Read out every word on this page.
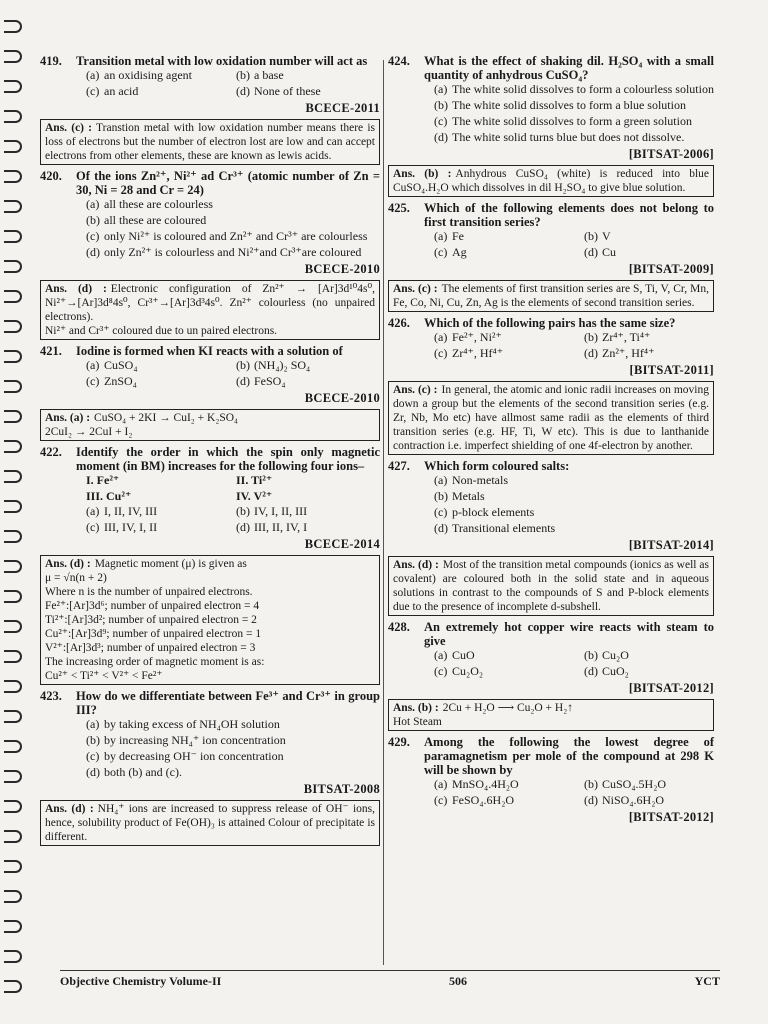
419.	Transition metal with low oxidation number will act as
(a) an oxidising agent	(b) a base
(c) an acid	(d) None of these
BCECE-2011
Ans. (c) : Transtion metal with low oxidation number means there is loss of electrons but the number of electron lost are low and can accept electrons from other elements, these are known as lewis acids.
420.	Of the ions Zn²⁺, Ni²⁺ ad Cr³⁺ (atomic number of Zn = 30, Ni = 28 and Cr = 24)
(a) all these are colourless
(b) all these are coloured
(c) only Ni²⁺ is coloured and Zn²⁺ and Cr³⁺ are colourless
(d) only Zn²⁺ is colourless and Ni²⁺and Cr³⁺are coloured
BCECE-2010
Ans. (d) : Electronic configuration of Zn²⁺ → [Ar]3d¹⁰4s⁰, Ni²⁺→[Ar]3d⁸4s⁰, Cr³⁺→[Ar]3d³4s⁰. Zn²⁺ colourless (no unpaired electrons).
Ni²⁺ and Cr³⁺ coloured due to un paired electrons.
421.	Iodine is formed when KI reacts with a solution of
(a) CuSO₄	(b) (NH₄)₂ SO₄
(c) ZnSO₄	(d) FeSO₄
BCECE-2010
Ans. (a) : CuSO₄ + 2KI → CuI₂ + K₂SO₄
2CuI₂ → 2CuI + I₂
422.	Identify the order in which the spin only magnetic moment (in BM) increases for the following four ions–
I. Fe²⁺	II. Ti²⁺
III. Cu²⁺	IV. V²⁺
(a) I, II, IV, III	(b) IV, I, II, III
(c) III, IV, I, II	(d) III, II, IV, I
BCECE-2014
Ans. (d) : Magnetic moment (μ) is given as
μ = √n(n + 2)
Where n is the number of unpaired electrons.
Fe²⁺:[Ar]3d⁶; number of unpaired electron = 4
Ti²⁺:[Ar]3d²; number of unpaired electron = 2
Cu²⁺:[Ar]3d⁹; number of unpaired electron = 1
V²⁺:[Ar]3d³; number of unpaired electron = 3
The increasing order of magnetic moment is as:
Cu²⁺ < Ti²⁺ < V²⁺ < Fe²⁺
423.	How do we differentiate between Fe³⁺ and Cr³⁺ in group III?
(a) by taking excess of NH₄OH solution
(b) by increasing NH₄⁺ ion concentration
(c) by decreasing OH⁻ ion concentration
(d) both (b) and (c).
BITSAT-2008
Ans. (d) : NH₄⁺ ions are increased to suppress release of OH⁻ ions, hence, solubility product of Fe(OH)₃ is attained Colour of precipitate is different.
424.	What is the effect of shaking dil. H₂SO₄ with a small quantity of anhydrous CuSO₄?
(a) The white solid dissolves to form a colourless solution
(b) The white solid dissolves to form a blue solution
(c) The white solid dissolves to form a green solution
(d) The white solid turns blue but does not dissolve.
[BITSAT-2006]
Ans. (b) : Anhydrous CuSO₄ (white) is reduced into blue CuSO₄.H₂O which dissolves in dil H₂SO₄ to give blue solution.
425.	Which of the following elements does not belong to first transition series?
(a) Fe	(b) V
(c) Ag	(d) Cu
[BITSAT-2009]
Ans. (c) : The elements of first transition series are S, Ti, V, Cr, Mn, Fe, Co, Ni, Cu, Zn, Ag is the elements of second transition series.
426.	Which of the following pairs has the same size?
(a) Fe²⁺, Ni²⁺	(b) Zr⁴⁺, Ti⁴⁺
(c) Zr⁴⁺, Hf⁴⁺	(d) Zn²⁺, Hf⁴⁺
[BITSAT-2011]
Ans. (c) : In general, the atomic and ionic radii increases on moving down a group but the elements of the second transition series (e.g. Zr, Nb, Mo etc) have allmost same radii as the elements of third transition series (e.g. HF, Ti, W etc). This is due to lanthanide contraction i.e. imperfect shielding of one 4f-electron by another.
427.	Which form coloured salts:
(a) Non-metals
(b) Metals
(c) p-block elements
(d) Transitional elements
[BITSAT-2014]
Ans. (d) : Most of the transition metal compounds (ionics as well as covalent) are coloured both in the solid state and in aqueous solutions in contrast to the compounds of S and P-block elements due to the presence of incomplete d-subshell.
428.	An extremely hot copper wire reacts with steam to give
(a) CuO	(b) Cu₂O
(c) Cu₂O₂	(d) CuO₂
[BITSAT-2012]
Ans. (b) : 2Cu + H₂O ⟶ Cu₂O + H₂↑
Hot Steam
429.	Among the following the lowest degree of paramagnetism per mole of the compound at 298 K will be shown by
(a) MnSO₄.4H₂O	(b) CuSO₄.5H₂O
(c) FeSO₄.6H₂O	(d) NiSO₄.6H₂O
[BITSAT-2012]
Objective Chemistry Volume-II	506	YCT
